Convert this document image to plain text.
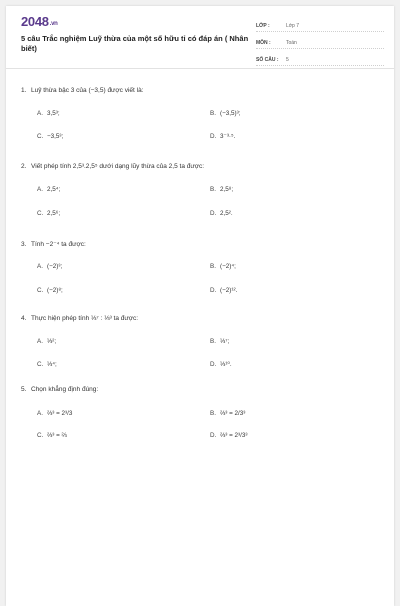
2048.vn
5 câu Trắc nghiệm Luỹ thừa của một số hữu tỉ có đáp án ( Nhân biết)
LỚP :	Lớp 7
MÔN :	Toán
SỐ CÂU :	5
1. Luỹ thừa bậc 3 của (−3,5) được viết là:
A. 3,5³;	B. (−3,5)³;
C. −3,5³;	D. 3⁻³·⁵.
2. Viết phép tính 2,5³.2,5⁵ dưới dạng lũy thừa của 2,5 ta được:
A. 2,5⁴;	B. 2,5⁸;
C. 2,5⁶;	D. 2,5².
3. Tính −2⁻⁴ ta được:
A. (−2)³;	B. (−2)⁴;
C. (−2)⁸;	D. (−2)¹².
4. Thực hiện phép tính ⅓⁷ : ⅓³ ta được:
A. ⅓²;	B. ⅓⁷;
C. ⅓⁴;	D. ⅓¹⁰.
5. Chọn khẳng định đúng:
A. ⅔³ = 2³/3	B. ⅔³ = 2/3³
C. ⅔³ = ⅔	D. ⅔³ = 2³/3³
